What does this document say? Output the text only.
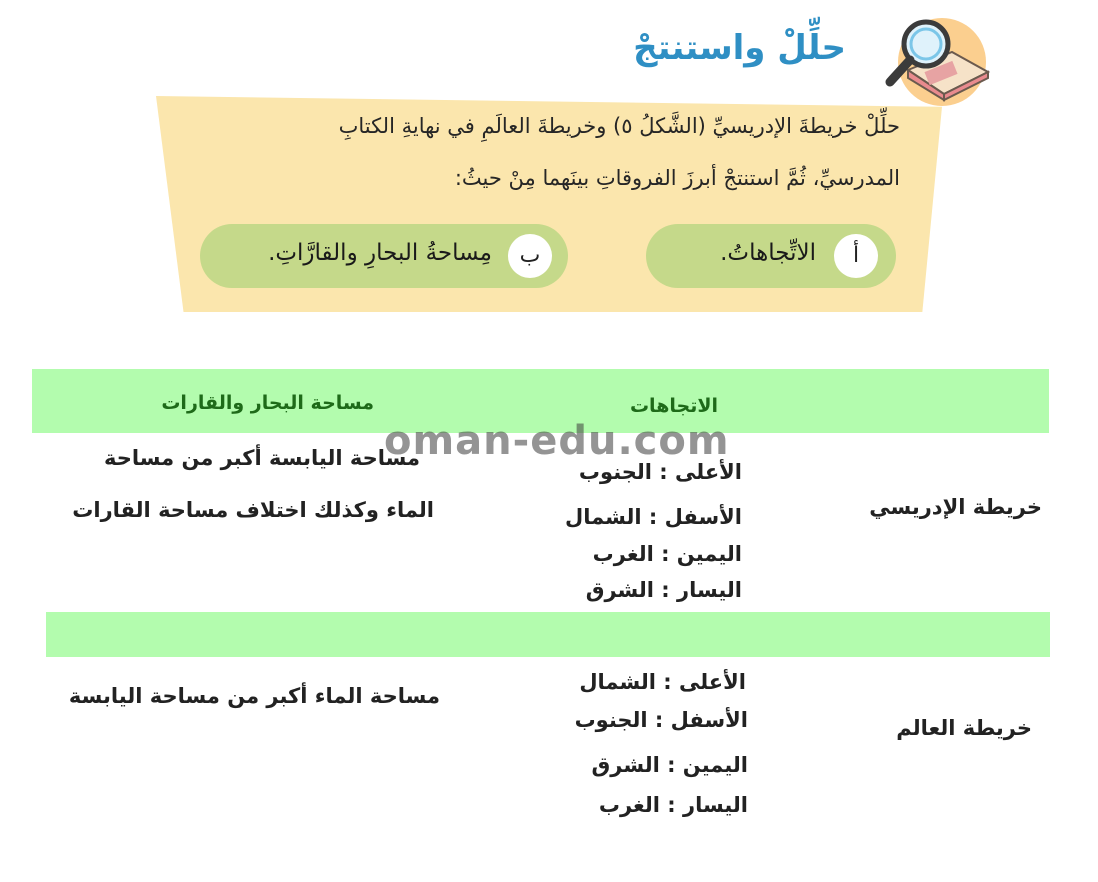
حلِّلْ واستنتجْ
حلِّلْ خريطةَ الإدريسيِّ (الشَّكلُ ٥) وخريطةَ العالَمِ في نهايةِ الكتابِ
المدرسيِّ، ثُمَّ استنتجْ أبرزَ الفروقاتِ بينَهما مِنْ حيثُ:
أ
الاتِّجاهاتُ.
ب
مِساحةُ البحارِ والقارَّاتِ.
الاتجاهات
مساحة البحار والقارات
oman-edu.com
مساحة اليابسة أكبر من مساحة
الماء وكذلك اختلاف مساحة القارات
الأعلى : الجنوب
الأسفل : الشمال
اليمين : الغرب
اليسار : الشرق
خريطة الإدريسي
مساحة الماء أكبر من مساحة اليابسة
الأعلى : الشمال
الأسفل : الجنوب
اليمين : الشرق
اليسار : الغرب
خريطة العالم
